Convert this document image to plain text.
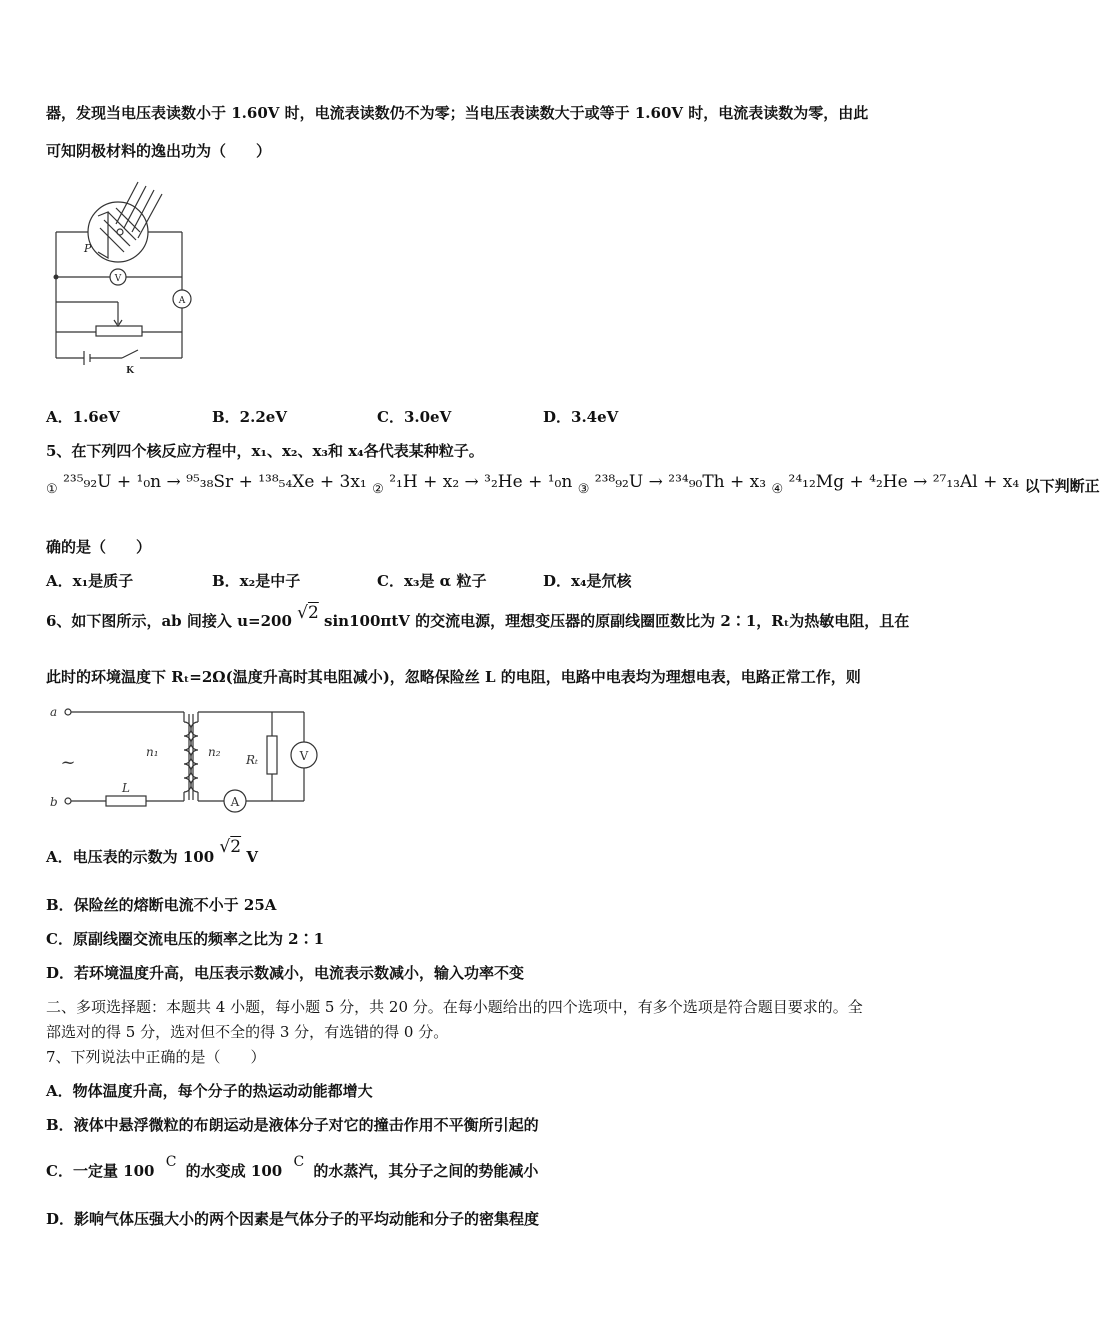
器，发现当电压表读数小于 1.60V 时，电流表读数仍不为零；当电压表读数大于或等于 1.60V 时，电流表读数为零，由此
可知阴极材料的逸出功为（　　）
P
V
A
K
A．1.6eV	B．2.2eV	C．3.0eV	D．3.4eV
5、在下列四个核反应方程中，x₁、x₂、x₃和 x₄各代表某种粒子。
$_①$ ²³⁵₉₂U + ¹₀n → ⁹⁵₃₈Sr + ¹³⁸₅₄Xe + 3x₁ $_②$ ²₁H + x₂ → ³₂He + ¹₀n $_③$ ²³⁸₉₂U → ²³⁴₉₀Th + x₃ $_④$ ²⁴₁₂Mg + ⁴₂He → ²⁷₁₃Al + x₄ 以下判断正
确的是（　　）
A．x₁是质子	B．x₂是中子	C．x₃是 α 粒子	D．x₄是氘核
6、如下图所示，ab 间接入 u=200 √2 sin100πtV 的交流电源，理想变压器的原副线圈匝数比为 2∶1，Rₜ为热敏电阻，且在
此时的环境温度下 Rₜ=2Ω(温度升高时其电阻减小)，忽略保险丝 L 的电阻，电路中电表均为理想电表，电路正常工作，则
a
b
n₁	n₂
Rₜ
L
V
A
~
A．电压表的示数为 100 √2 V
B．保险丝的熔断电流不小于 25A
C．原副线圈交流电压的频率之比为 2∶1
D．若环境温度升高，电压表示数减小，电流表示数减小，输入功率不变
二、多项选择题：本题共 4 小题，每小题 5 分，共 20 分。在每小题给出的四个选项中，有多个选项是符合题目要求的。全
部选对的得 5 分，选对但不全的得 3 分，有选错的得 0 分。
7、下列说法中正确的是（　　）
A．物体温度升高，每个分子的热运动动能都增大
B．液体中悬浮微粒的布朗运动是液体分子对它的撞击作用不平衡所引起的
C．一定量 100 C 的水变成 100 C 的水蒸汽，其分子之间的势能减小
D．影响气体压强大小的两个因素是气体分子的平均动能和分子的密集程度
